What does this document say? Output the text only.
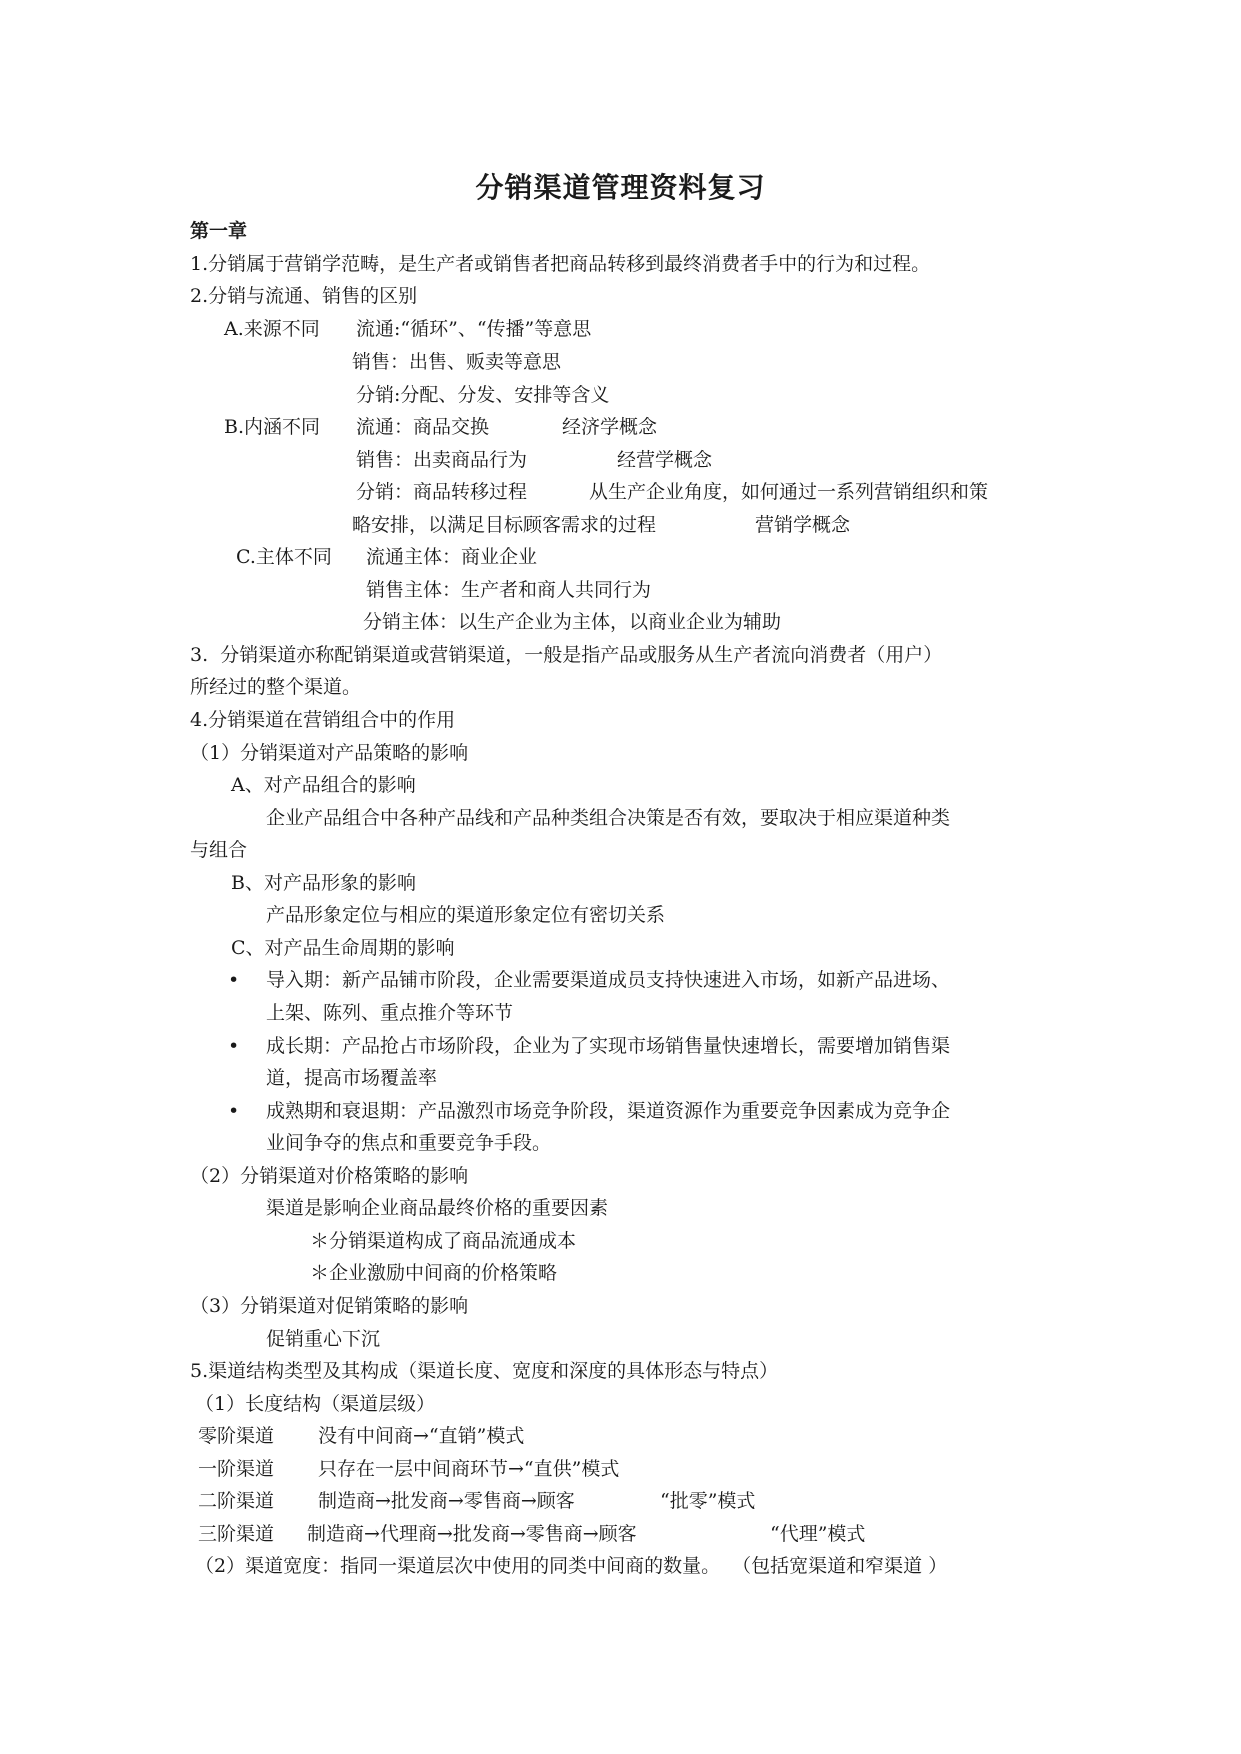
分销渠道管理资料复习
第一章
1.分销属于营销学范畴，是生产者或销售者把商品转移到最终消费者手中的行为和过程。
2.分销与流通、销售的区别
A.来源不同 流通:“循环”、“传播”等意思
销售：出售、贩卖等意思
分销:分配、分发、安排等含义
B.内涵不同 流通：商品交换	经济学概念
销售：出卖商品行为	经营学概念
分销：商品转移过程	从生产企业角度，如何通过一系列营销组织和策
略安排，以满足目标顾客需求的过程	营销学概念
C.主体不同 流通主体：商业企业
销售主体：生产者和商人共同行为
分销主体：以生产企业为主体，以商业企业为辅助
3.  分销渠道亦称配销渠道或营销渠道，一般是指产品或服务从生产者流向消费者（用户）
所经过的整个渠道。
4.分销渠道在营销组合中的作用
（1）分销渠道对产品策略的影响
A、对产品组合的影响
企业产品组合中各种产品线和产品种类组合决策是否有效，要取决于相应渠道种类
与组合
B、对产品形象的影响
产品形象定位与相应的渠道形象定位有密切关系
C、对产品生命周期的影响
• 导入期：新产品铺市阶段，企业需要渠道成员支持快速进入市场，如新产品进场、
上架、陈列、重点推介等环节
• 成长期：产品抢占市场阶段，企业为了实现市场销售量快速增长，需要增加销售渠
道，提高市场覆盖率
• 成熟期和衰退期：产品激烈市场竞争阶段，渠道资源作为重要竞争因素成为竞争企
业间争夺的焦点和重要竞争手段。
（2）分销渠道对价格策略的影响
渠道是影响企业商品最终价格的重要因素
＊分销渠道构成了商品流通成本
＊企业激励中间商的价格策略
（3）分销渠道对促销策略的影响
促销重心下沉
5.渠道结构类型及其构成（渠道长度、宽度和深度的具体形态与特点）
（1）长度结构（渠道层级）
零阶渠道 没有中间商→“直销”模式
一阶渠道 只存在一层中间商环节→“直供”模式
二阶渠道 制造商→批发商→零售商→顾客	“批零”模式
三阶渠道 制造商→代理商→批发商→零售商→顾客	“代理”模式
（2）渠道宽度：指同一渠道层次中使用的同类中间商的数量。  （包括宽渠道和窄渠道 ）
